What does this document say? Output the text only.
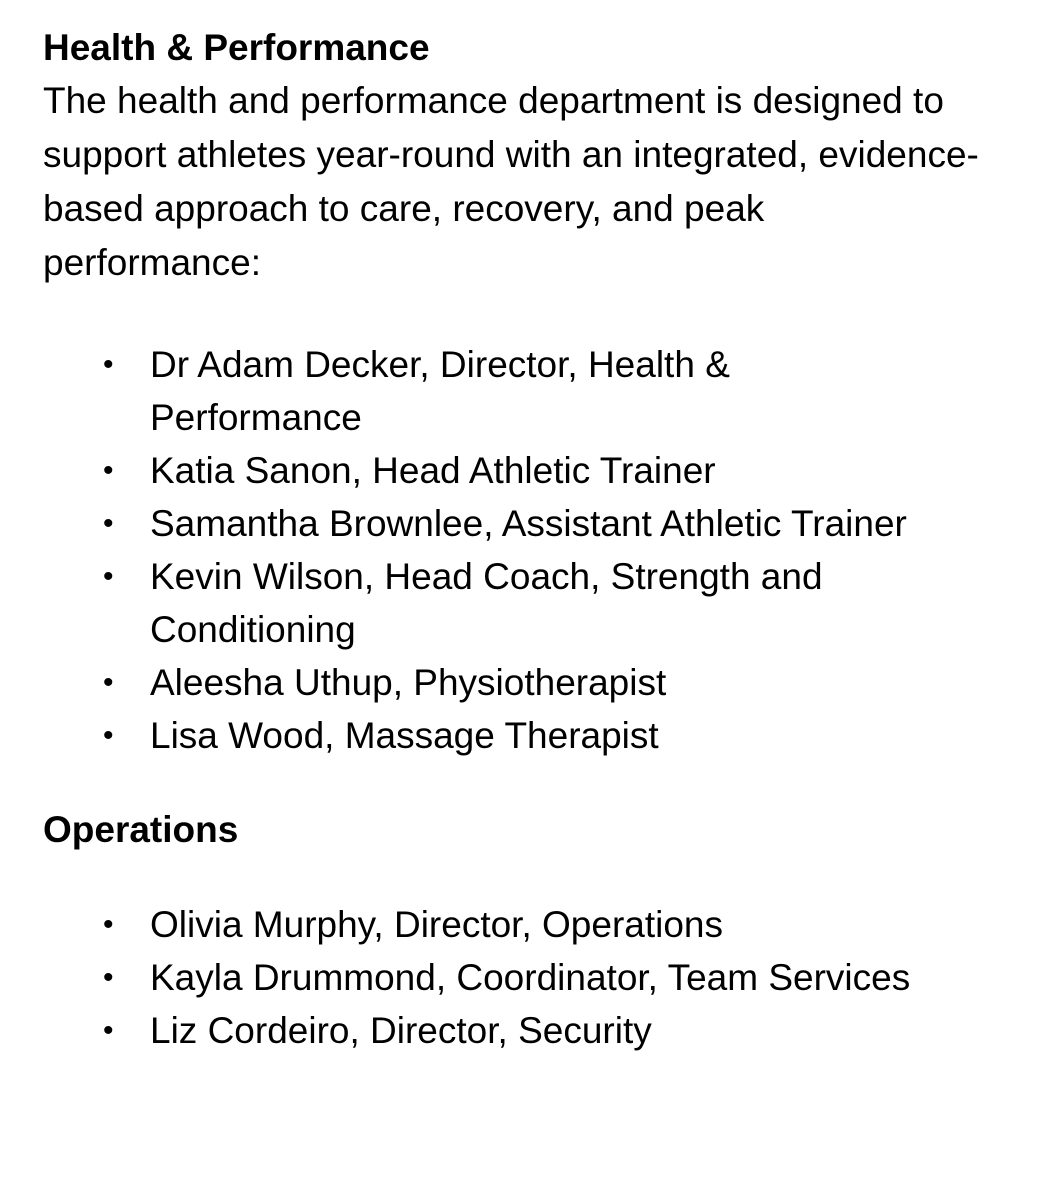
Health & Performance

The health and performance department is designed to support athletes year-round with an integrated, evidence-based approach to care, recovery, and peak performance:

• Dr Adam Decker, Director, Health & Performance
• Katia Sanon, Head Athletic Trainer
• Samantha Brownlee, Assistant Athletic Trainer
• Kevin Wilson, Head Coach, Strength and Conditioning
• Aleesha Uthup, Physiotherapist
• Lisa Wood, Massage Therapist
Operations
• Olivia Murphy, Director, Operations
• Kayla Drummond, Coordinator, Team Services
• Liz Cordeiro, Director, Security
